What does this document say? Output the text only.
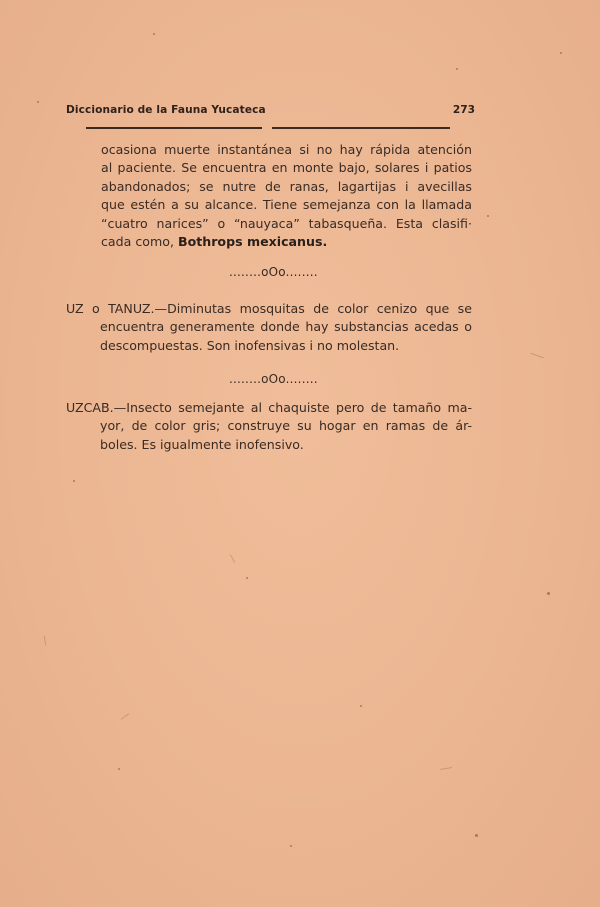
Diccionario de la Fauna Yucateca	273
ocasiona muerte instantánea si no hay rápida atención
al paciente. Se encuentra en monte bajo, solares i patios
abandonados; se nutre de ranas, lagartijas i avecillas
que estén a su alcance. Tiene semejanza con la llamada
“cuatro narices” o “nauyaca” tabasqueña. Esta clasifi·
cada como, Bothrops mexicanus.
........oOo........
UZ o TANUZ.—Diminutas mosquitas de color cenizo que se
encuentra generamente donde hay substancias acedas o
descompuestas. Son inofensivas i no molestan.
........oOo........
UZCAB.—Insecto semejante al chaquiste pero de tamaño ma-
yor, de color gris; construye su hogar en ramas de ár-
boles. Es igualmente inofensivo.
